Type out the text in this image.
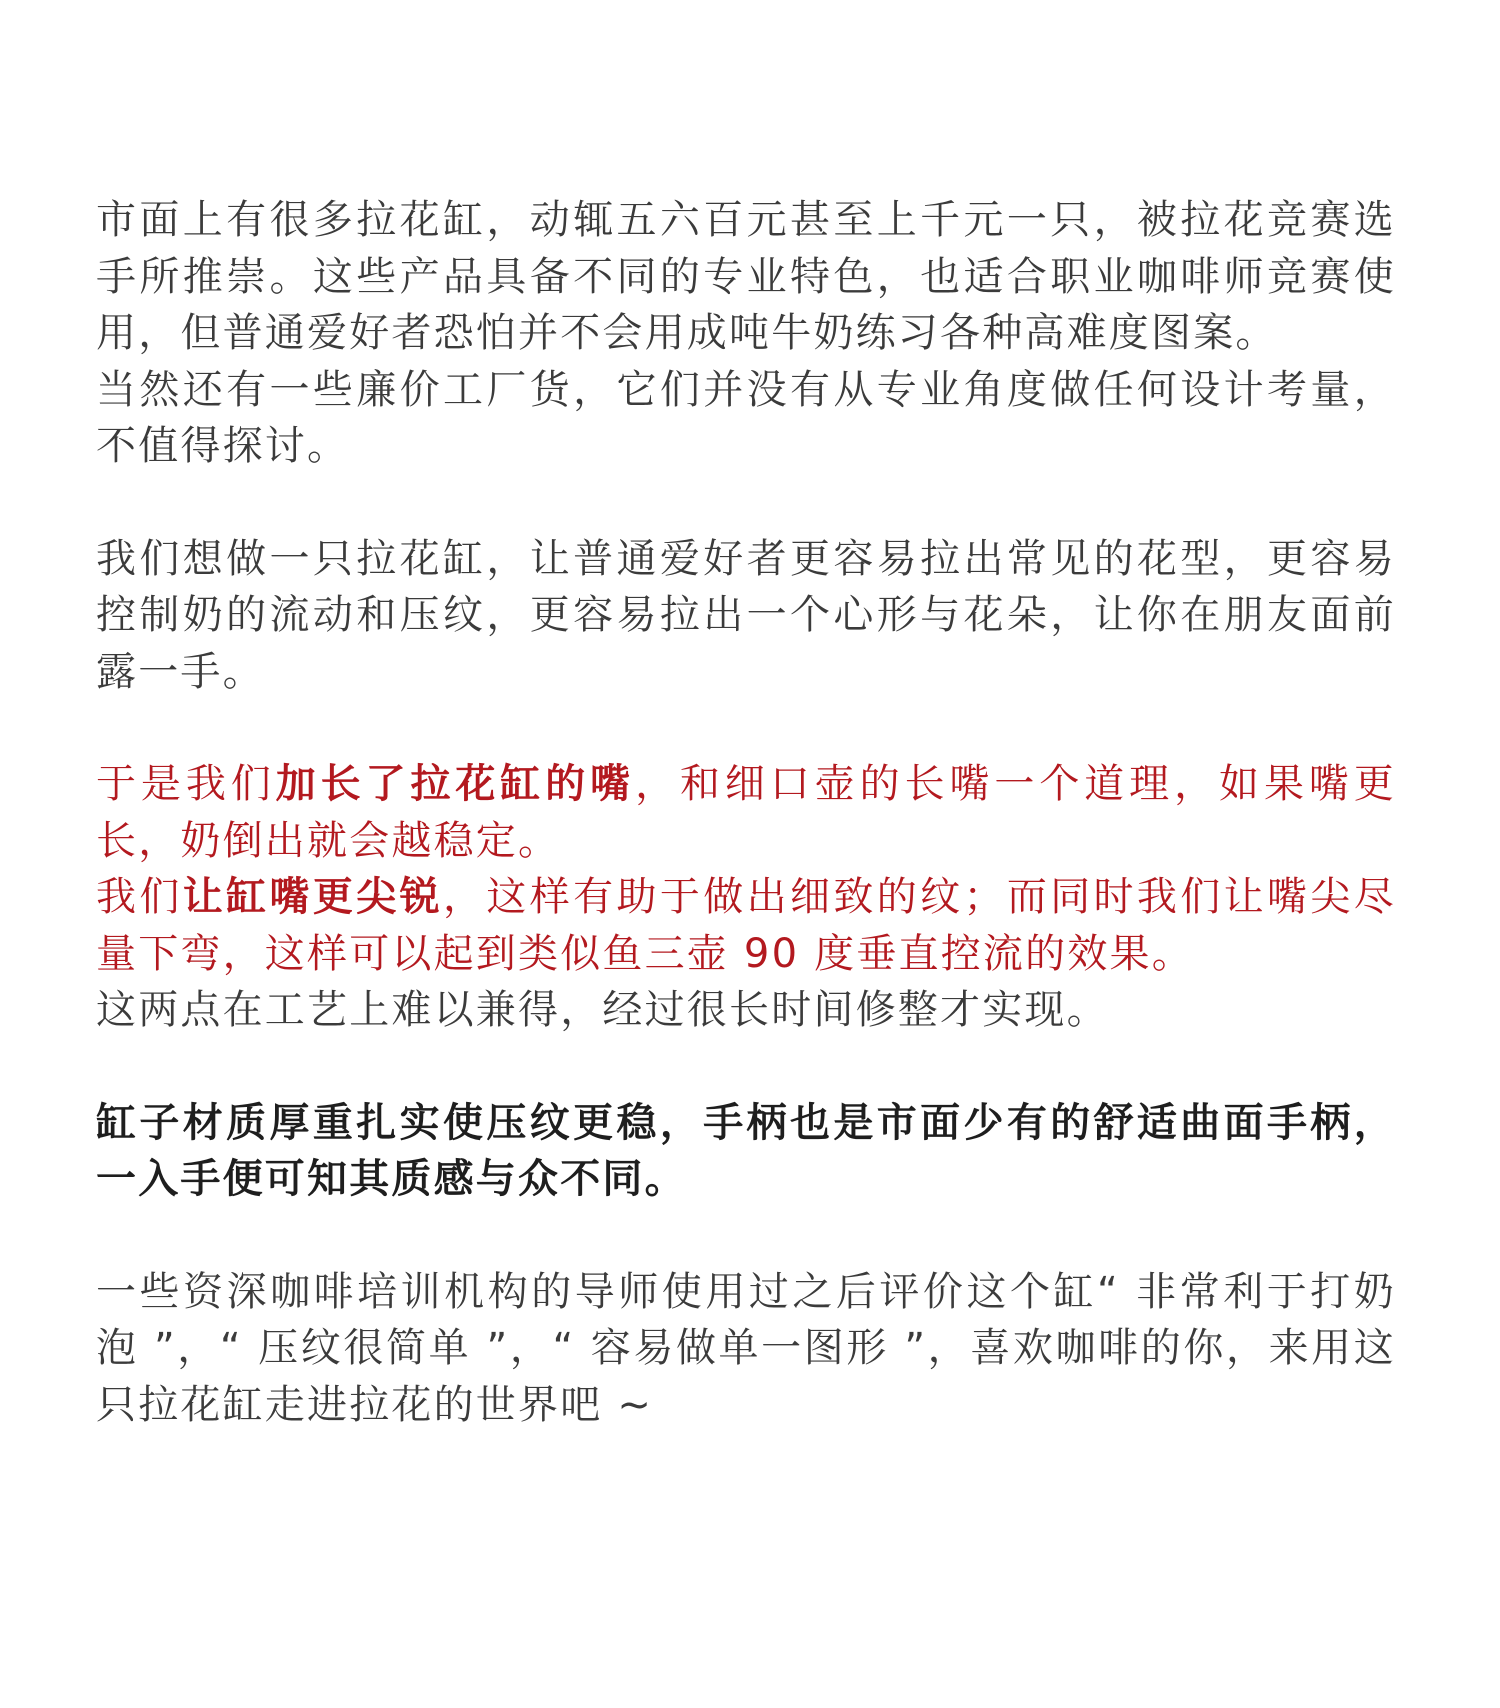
市面上有很多拉花缸，动辄五六百元甚至上千元一只，被拉花竞赛选手所推崇。这些产品具备不同的专业特色，也适合职业咖啡师竞赛使用，但普通爱好者恐怕并不会用成吨牛奶练习各种高难度图案。

当然还有一些廉价工厂货，它们并没有从专业角度做任何设计考量，不值得探讨。

我们想做一只拉花缸，让普通爱好者更容易拉出常见的花型，更容易控制奶的流动和压纹，更容易拉出一个心形与花朵，让你在朋友面前露一手。

于是我们加长了拉花缸的嘴，和细口壶的长嘴一个道理，如果嘴更长，奶倒出就会越稳定。

我们让缸嘴更尖锐，这样有助于做出细致的纹；而同时我们让嘴尖尽量下弯，这样可以起到类似鱼三壶 90 度垂直控流的效果。

这两点在工艺上难以兼得，经过很长时间修整才实现。

缸子材质厚重扎实使压纹更稳，手柄也是市面少有的舒适曲面手柄，一入手便可知其质感与众不同。

一些资深咖啡培训机构的导师使用过之后评价这个缸“ 非常利于打奶泡 ”，“ 压纹很简单 ”，“ 容易做单一图形 ”，喜欢咖啡的你，来用这只拉花缸走进拉花的世界吧 ~
